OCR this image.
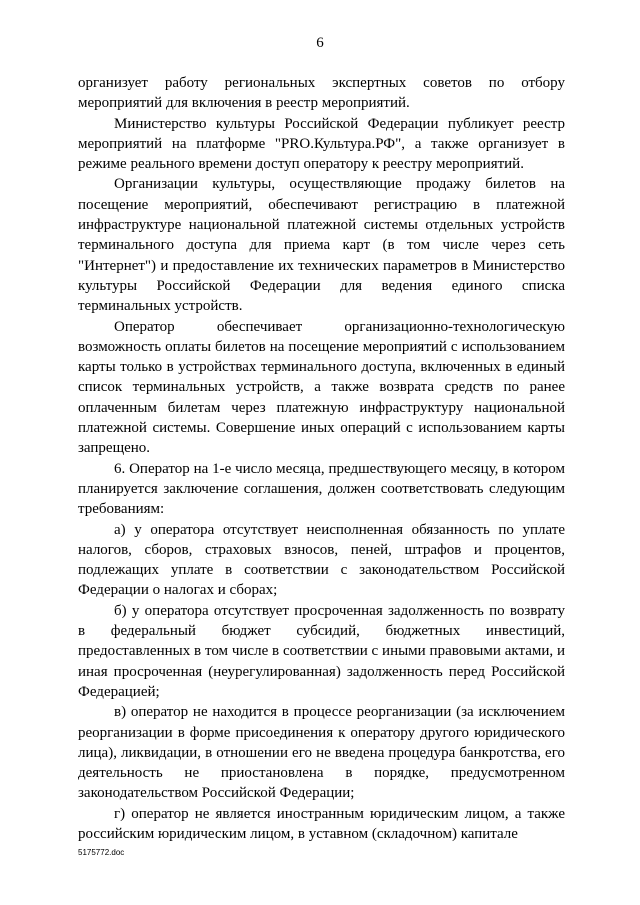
6

организует работу региональных экспертных советов по отбору мероприятий для включения в реестр мероприятий.

Министерство культуры Российской Федерации публикует реестр мероприятий на платформе "PRO.Культура.РФ", а также организует в режиме реального времени доступ оператору к реестру мероприятий.

Организации культуры, осуществляющие продажу билетов на посещение мероприятий, обеспечивают регистрацию в платежной инфраструктуре национальной платежной системы отдельных устройств терминального доступа для приема карт (в том числе через сеть "Интернет") и предоставление их технических параметров в Министерство культуры Российской Федерации для ведения единого списка терминальных устройств.

Оператор обеспечивает организационно-технологическую возможность оплаты билетов на посещение мероприятий с использованием карты только в устройствах терминального доступа, включенных в единый список терминальных устройств, а также возврата средств по ранее оплаченным билетам через платежную инфраструктуру национальной платежной системы. Совершение иных операций с использованием карты запрещено.

6. Оператор на 1-е число месяца, предшествующего месяцу, в котором планируется заключение соглашения, должен соответствовать следующим требованиям:

а) у оператора отсутствует неисполненная обязанность по уплате налогов, сборов, страховых взносов, пеней, штрафов и процентов, подлежащих уплате в соответствии с законодательством Российской Федерации о налогах и сборах;

б) у оператора отсутствует просроченная задолженность по возврату в федеральный бюджет субсидий, бюджетных инвестиций, предоставленных в том числе в соответствии с иными правовыми актами, и иная просроченная (неурегулированная) задолженность перед Российской Федерацией;

в) оператор не находится в процессе реорганизации (за исключением реорганизации в форме присоединения к оператору другого юридического лица), ликвидации, в отношении его не введена процедура банкротства, его деятельность не приостановлена в порядке, предусмотренном законодательством Российской Федерации;

г) оператор не является иностранным юридическим лицом, а также российским юридическим лицом, в уставном (складочном) капитале

5175772.doc
